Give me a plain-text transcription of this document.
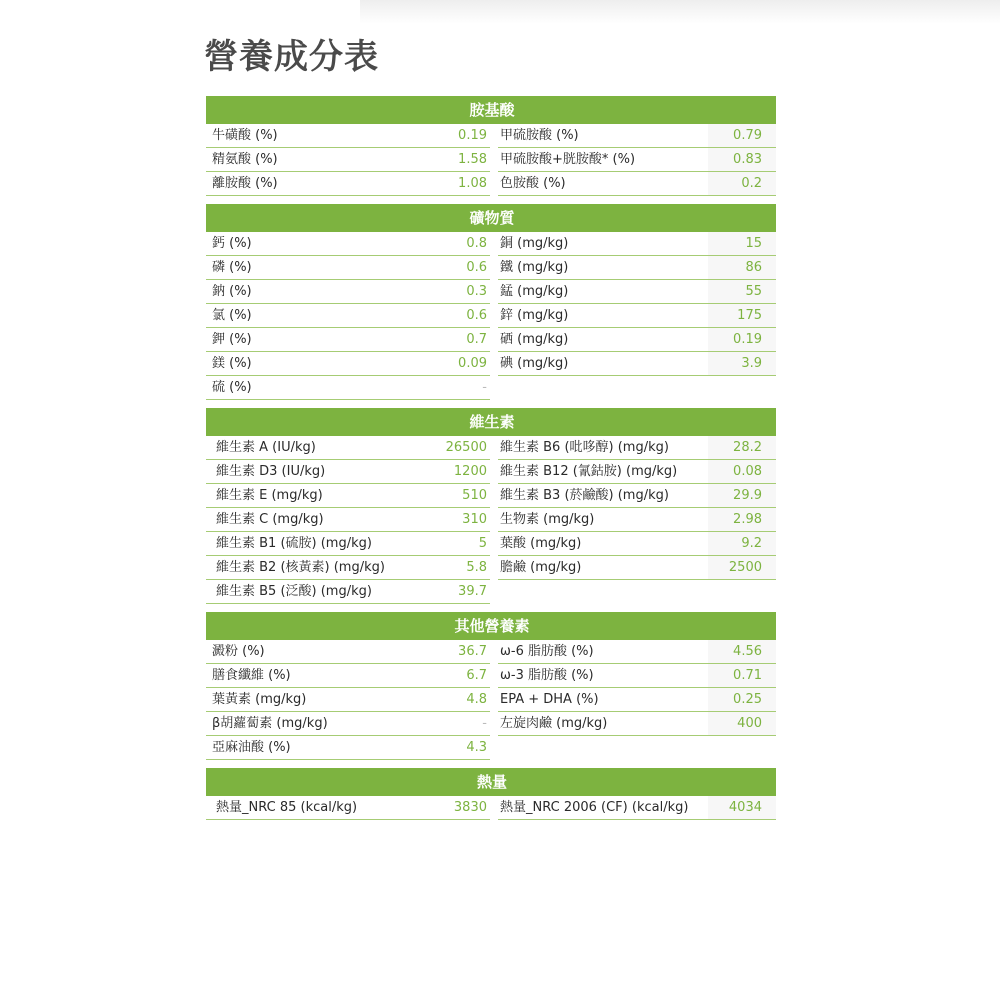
營養成分表
胺基酸
牛磺酸 (%)	0.19 甲硫胺酸 (%)	0.79
精氨酸 (%)	1.58 甲硫胺酸+胱胺酸* (%)	0.83
離胺酸 (%)	1.08 色胺酸 (%)	0.2
礦物質
鈣 (%)	0.8 銅 (mg/kg)	15
磷 (%)	0.6 鐵 (mg/kg)	86
鈉 (%)	0.3 錳 (mg/kg)	55
氯 (%)	0.6 鋅 (mg/kg)	175
鉀 (%)	0.7 硒 (mg/kg)	0.19
鎂 (%)	0.09 碘 (mg/kg)	3.9
硫 (%)	-
維生素
維生素 A (IU/kg)	26500 維生素 B6 (吡哆醇) (mg/kg)	28.2
維生素 D3 (IU/kg)	1200 維生素 B12 (氰鈷胺) (mg/kg)	0.08
維生素 E (mg/kg)	510 維生素 B3 (菸鹼酸) (mg/kg)	29.9
維生素 C (mg/kg)	310 生物素 (mg/kg)	2.98
維生素 B1 (硫胺) (mg/kg)	5 葉酸 (mg/kg)	9.2
維生素 B2 (核黃素) (mg/kg)	5.8 膽鹼 (mg/kg)	2500
維生素 B5 (泛酸) (mg/kg)	39.7
其他營養素
澱粉 (%)	36.7 ω-6 脂肪酸 (%)	4.56
膳食纖維 (%)	6.7 ω-3 脂肪酸 (%)	0.71
葉黃素 (mg/kg)	4.8 EPA + DHA (%)	0.25
β胡蘿蔔素 (mg/kg)	- 左旋肉鹼 (mg/kg)	400
亞麻油酸 (%)	4.3
熱量
熱量_NRC 85 (kcal/kg)	3830 熱量_NRC 2006 (CF) (kcal/kg)	4034
